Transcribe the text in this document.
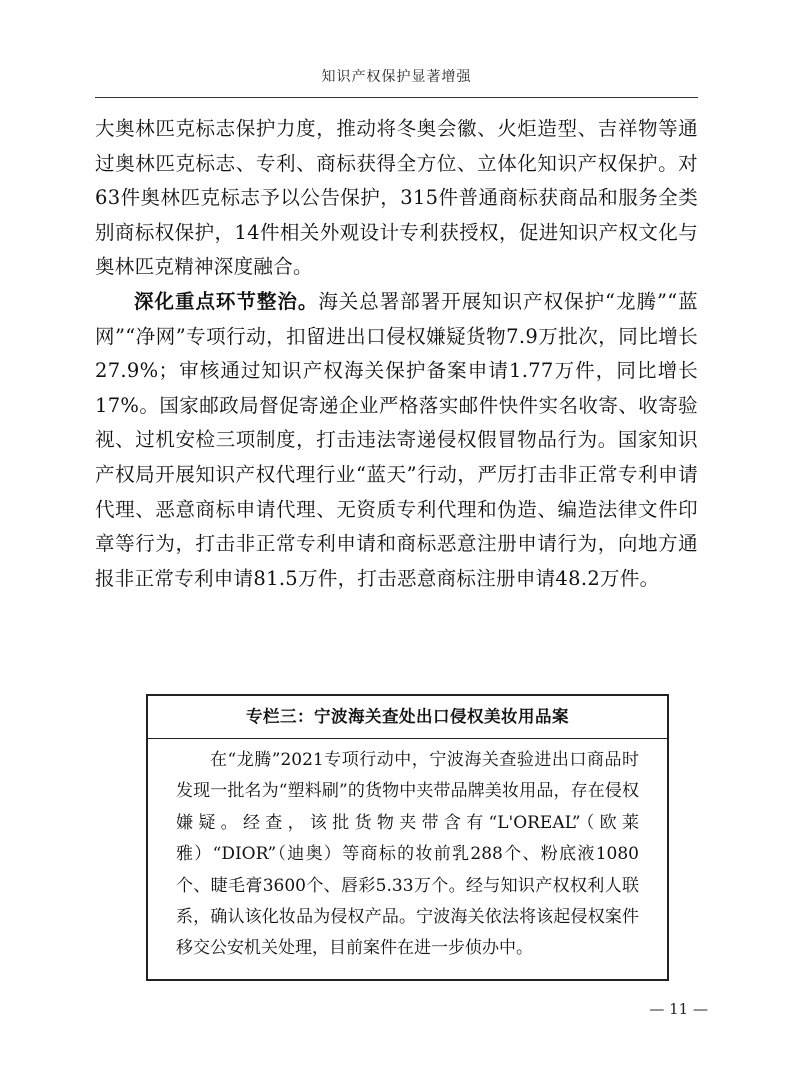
知识产权保护显著增强

大奥林匹克标志保护力度，推动将冬奥会徽、火炬造型、吉祥物等通过奥林匹克标志、专利、商标获得全方位、立体化知识产权保护。对63件奥林匹克标志予以公告保护，315件普通商标获商品和服务全类别商标权保护，14件相关外观设计专利获授权，促进知识产权文化与奥林匹克精神深度融合。

深化重点环节整治。海关总署部署开展知识产权保护“龙腾”“蓝网”“净网”专项行动，扣留进出口侵权嫌疑货物7.9万批次，同比增长27.9%；审核通过知识产权海关保护备案申请1.77万件，同比增长17%。国家邮政局督促寄递企业严格落实邮件快件实名收寄、收寄验视、过机安检三项制度，打击违法寄递侵权假冒物品行为。国家知识产权局开展知识产权代理行业“蓝天”行动，严厉打击非正常专利申请代理、恶意商标申请代理、无资质专利代理和伪造、编造法律文件印章等行为，打击非正常专利申请和商标恶意注册申请行为，向地方通报非正常专利申请81.5万件，打击恶意商标注册申请48.2万件。

专栏三：宁波海关查处出口侵权美妆用品案

在“龙腾”2021专项行动中，宁波海关查验进出口商品时发现一批名为“塑料刷”的货物中夹带品牌美妆用品，存在侵权嫌疑。经查，该批货物夹带含有“L'OREAL”（欧莱雅）“DIOR”（迪奥）等商标的妆前乳288个、粉底液1080个、睫毛膏3600个、唇彩5.33万个。经与知识产权权利人联系，确认该化妆品为侵权产品。宁波海关依法将该起侵权案件移交公安机关处理，目前案件在进一步侦办中。

— 11 —
